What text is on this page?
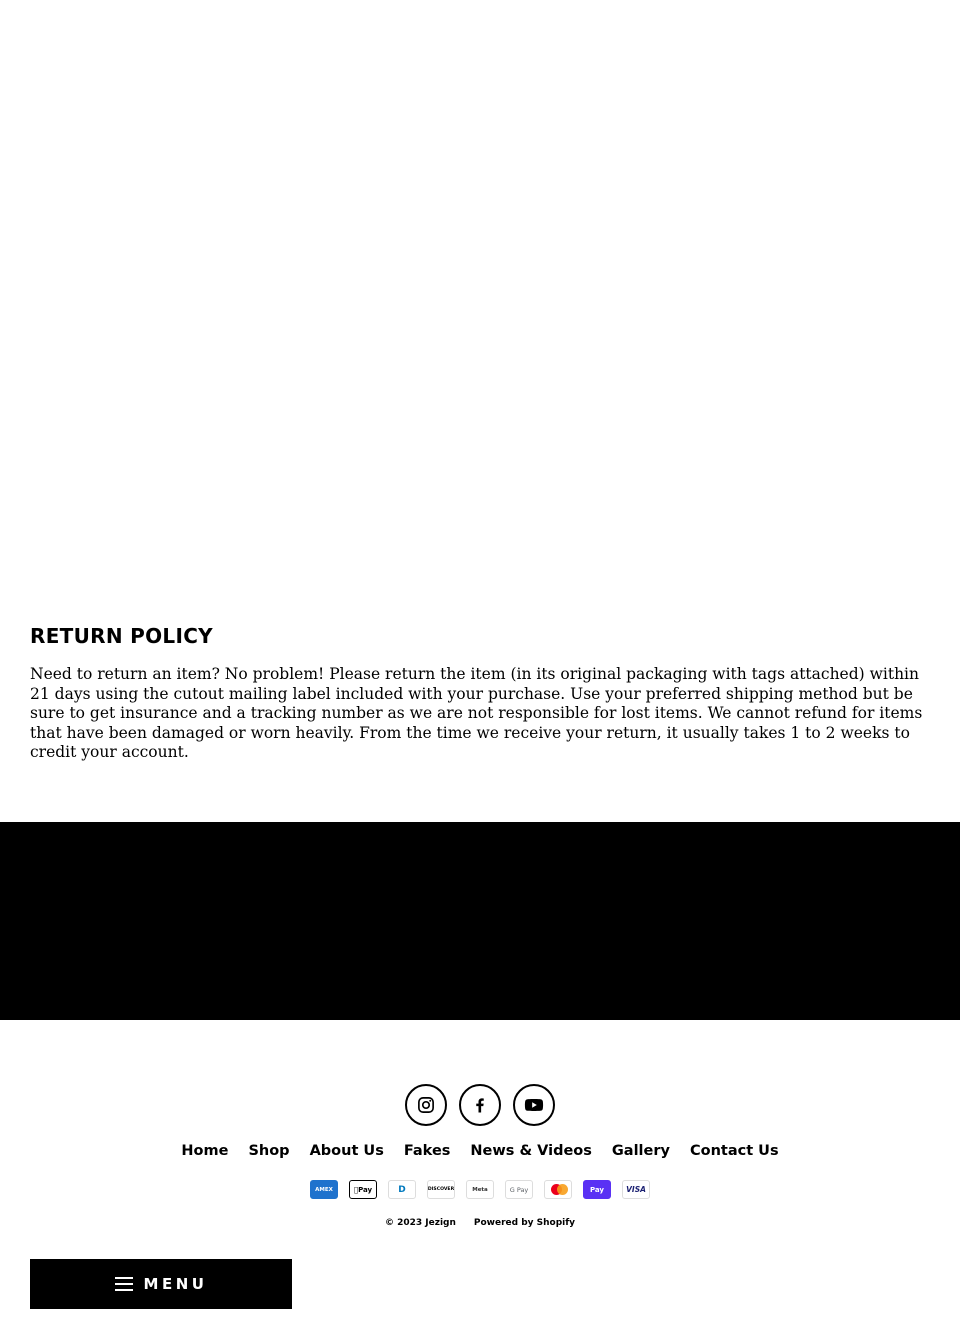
RETURN POLICY

Need to return an item? No problem! Please return the item (in its original packaging with tags attached) within 21 days using the cutout mailing label included with your purchase. Use your preferred shipping method but be sure to get insurance and a tracking number as we are not responsible for lost items. We cannot refund for items that have been damaged or worn heavily. From the time we receive your return, it usually takes 1 to 2 weeks to credit your account.

Home Shop About Us Fakes News & Videos Gallery Contact Us
AMEX	Pay	D	DISCOVER	Meta	G Pay	Pay	VISA
© 2023 Jezign Powered by Shopify
MENU
